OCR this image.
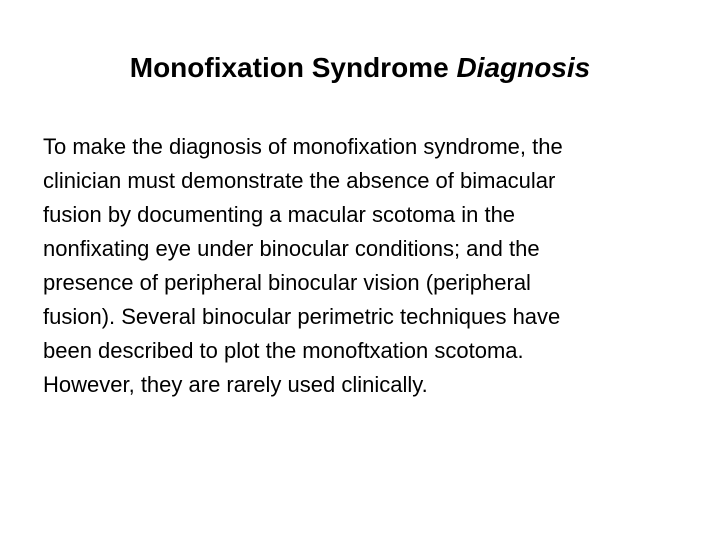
Monofixation Syndrome Diagnosis
To make the diagnosis of monofixation syndrome, the
clinician must demonstrate the absence of bimacular
fusion by documenting a macular scotoma in the
nonfixating eye under binocular conditions; and the
presence of peripheral binocular vision (peripheral
fusion). Several binocular perimetric techniques have
been described to plot the monoftxation scotoma.
However, they are rarely used clinically.
